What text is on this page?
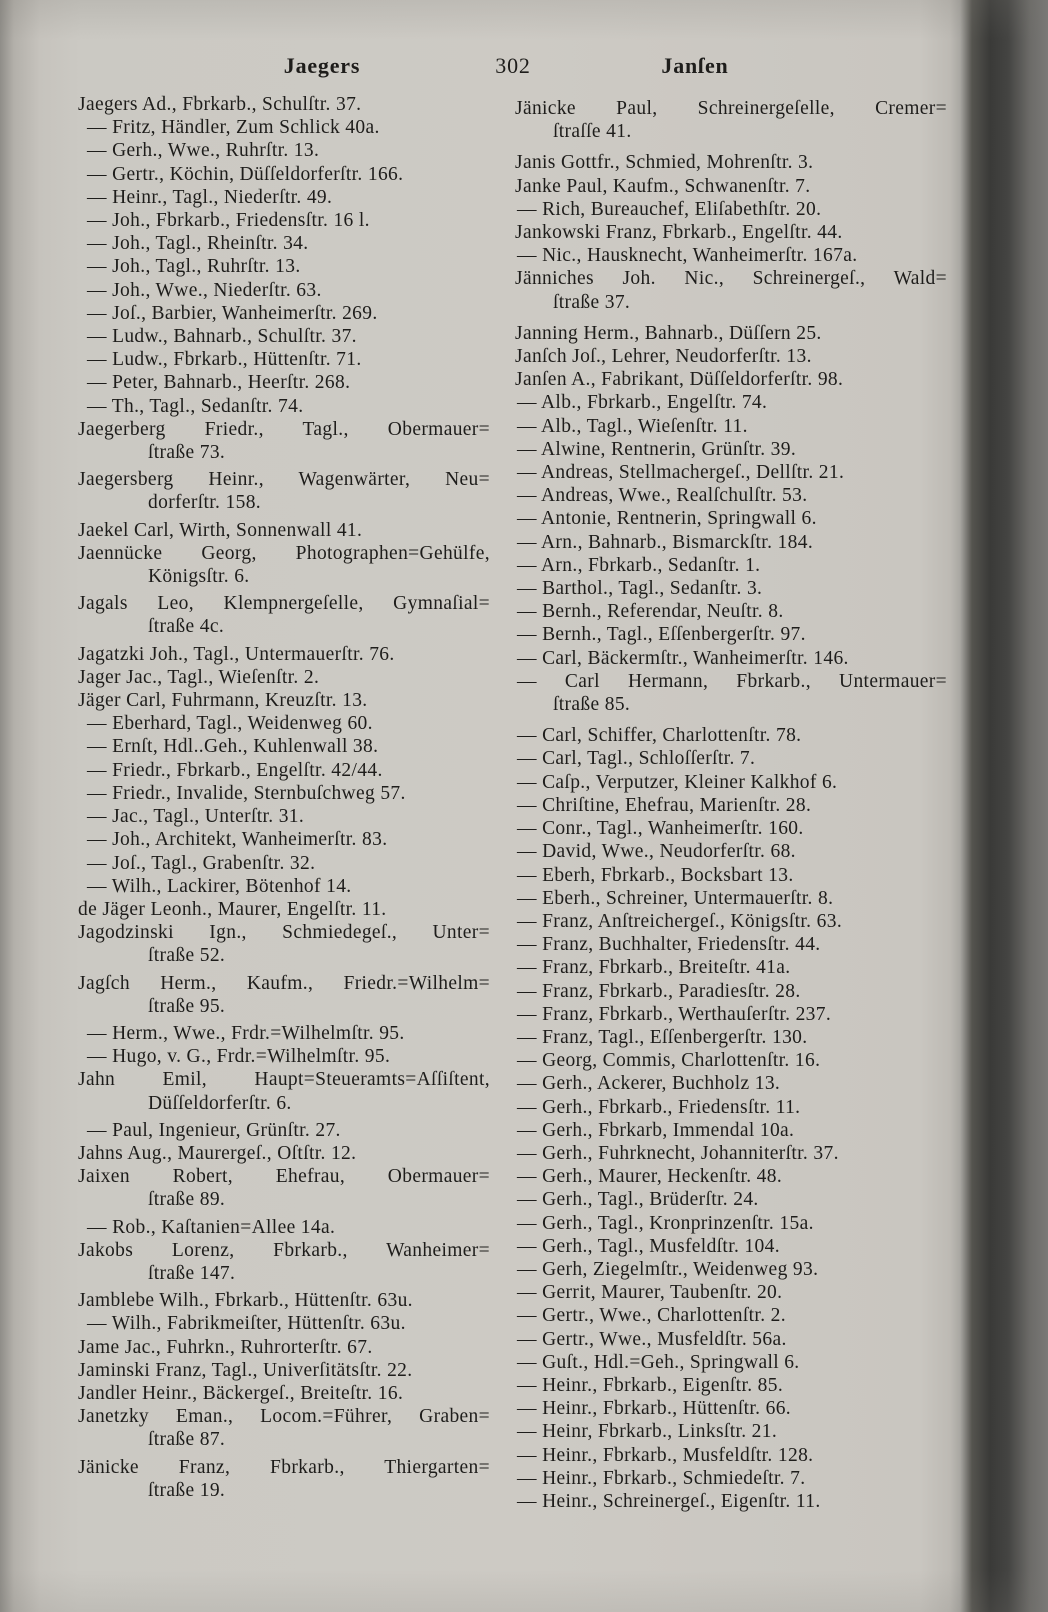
Jaegers	302	Janſen
Jaegers Ad., Fbrkarb., Schulſtr. 37.
— Fritz, Händler, Zum Schlick 40a.
— Gerh., Wwe., Ruhrſtr. 13.
— Gertr., Köchin, Düſſeldorferſtr. 166.
— Heinr., Tagl., Niederſtr. 49.
— Joh., Fbrkarb., Friedensſtr. 16 l.
— Joh., Tagl., Rheinſtr. 34.
— Joh., Tagl., Ruhrſtr. 13.
— Joh., Wwe., Niederſtr. 63.
— Joſ., Barbier, Wanheimerſtr. 269.
— Ludw., Bahnarb., Schulſtr. 37.
— Ludw., Fbrkarb., Hüttenſtr. 71.
— Peter, Bahnarb., Heerſtr. 268.
— Th., Tagl., Sedanſtr. 74.
Jaegerberg Friedr., Tagl., Obermauer=
ſtraße 73.
Jaegersberg Heinr., Wagenwärter, Neu=
dorferſtr. 158.
Jaekel Carl, Wirth, Sonnenwall 41.
Jaennücke Georg, Photographen=Gehülfe,
Königsſtr. 6.
Jagals Leo, Klempnergeſelle, Gymnaſial=
ſtraße 4c.
Jagatzki Joh., Tagl., Untermauerſtr. 76.
Jager Jac., Tagl., Wieſenſtr. 2.
Jäger Carl, Fuhrmann, Kreuzſtr. 13.
— Eberhard, Tagl., Weidenweg 60.
— Ernſt, Hdl..Geh., Kuhlenwall 38.
— Friedr., Fbrkarb., Engelſtr. 42/44.
— Friedr., Invalide, Sternbuſchweg 57.
— Jac., Tagl., Unterſtr. 31.
— Joh., Architekt, Wanheimerſtr. 83.
— Joſ., Tagl., Grabenſtr. 32.
— Wilh., Lackirer, Bötenhof 14.
de Jäger Leonh., Maurer, Engelſtr. 11.
Jagodzinski Ign., Schmiedegeſ., Unter=
ſtraße 52.
Jagſch Herm., Kaufm., Friedr.=Wilhelm=
ſtraße 95.
— Herm., Wwe., Frdr.=Wilhelmſtr. 95.
— Hugo, v. G., Frdr.=Wilhelmſtr. 95.
Jahn Emil, Haupt=Steueramts=Aſſiſtent,
Düſſeldorferſtr. 6.
— Paul, Ingenieur, Grünſtr. 27.
Jahns Aug., Maurergeſ., Oſtſtr. 12.
Jaixen Robert, Ehefrau, Obermauer=
ſtraße 89.
— Rob., Kaſtanien=Allee 14a.
Jakobs Lorenz, Fbrkarb., Wanheimer=
ſtraße 147.
Jamblebe Wilh., Fbrkarb., Hüttenſtr. 63u.
— Wilh., Fabrikmeiſter, Hüttenſtr. 63u.
Jame Jac., Fuhrkn., Ruhrorterſtr. 67.
Jaminski Franz, Tagl., Univerſitätsſtr. 22.
Jandler Heinr., Bäckergeſ., Breiteſtr. 16.
Janetzky Eman., Locom.=Führer, Graben=
ſtraße 87.
Jänicke Franz, Fbrkarb., Thiergarten=
ſtraße 19.
Jänicke Paul, Schreinergeſelle, Cremer=
ſtraſſe 41.
Janis Gottfr., Schmied, Mohrenſtr. 3.
Janke Paul, Kaufm., Schwanenſtr. 7.
— Rich, Bureauchef, Eliſabethſtr. 20.
Jankowski Franz, Fbrkarb., Engelſtr. 44.
— Nic., Hausknecht, Wanheimerſtr. 167a.
Jänniches Joh. Nic., Schreinergeſ., Wald=
ſtraße 37.
Janning Herm., Bahnarb., Düſſern 25.
Janſch Joſ., Lehrer, Neudorferſtr. 13.
Janſen A., Fabrikant, Düſſeldorferſtr. 98.
— Alb., Fbrkarb., Engelſtr. 74.
— Alb., Tagl., Wieſenſtr. 11.
— Alwine, Rentnerin, Grünſtr. 39.
— Andreas, Stellmachergeſ., Dellſtr. 21.
— Andreas, Wwe., Realſchulſtr. 53.
— Antonie, Rentnerin, Springwall 6.
— Arn., Bahnarb., Bismarckſtr. 184.
— Arn., Fbrkarb., Sedanſtr. 1.
— Barthol., Tagl., Sedanſtr. 3.
— Bernh., Referendar, Neuſtr. 8.
— Bernh., Tagl., Eſſenbergerſtr. 97.
— Carl, Bäckermſtr., Wanheimerſtr. 146.
— Carl Hermann, Fbrkarb., Untermauer=
ſtraße 85.
— Carl, Schiffer, Charlottenſtr. 78.
— Carl, Tagl., Schloſſerſtr. 7.
— Caſp., Verputzer, Kleiner Kalkhof 6.
— Chriſtine, Ehefrau, Marienſtr. 28.
— Conr., Tagl., Wanheimerſtr. 160.
— David, Wwe., Neudorferſtr. 68.
— Eberh, Fbrkarb., Bocksbart 13.
— Eberh., Schreiner, Untermauerſtr. 8.
— Franz, Anſtreichergeſ., Königsſtr. 63.
— Franz, Buchhalter, Friedensſtr. 44.
— Franz, Fbrkarb., Breiteſtr. 41a.
— Franz, Fbrkarb., Paradiesſtr. 28.
— Franz, Fbrkarb., Werthauſerſtr. 237.
— Franz, Tagl., Eſſenbergerſtr. 130.
— Georg, Commis, Charlottenſtr. 16.
— Gerh., Ackerer, Buchholz 13.
— Gerh., Fbrkarb., Friedensſtr. 11.
— Gerh., Fbrkarb, Immendal 10a.
— Gerh., Fuhrknecht, Johanniterſtr. 37.
— Gerh., Maurer, Heckenſtr. 48.
— Gerh., Tagl., Brüderſtr. 24.
— Gerh., Tagl., Kronprinzenſtr. 15a.
— Gerh., Tagl., Musfeldſtr. 104.
— Gerh, Ziegelmſtr., Weidenweg 93.
— Gerrit, Maurer, Taubenſtr. 20.
— Gertr., Wwe., Charlottenſtr. 2.
— Gertr., Wwe., Musfeldſtr. 56a.
— Guſt., Hdl.=Geh., Springwall 6.
— Heinr., Fbrkarb., Eigenſtr. 85.
— Heinr., Fbrkarb., Hüttenſtr. 66.
— Heinr, Fbrkarb., Linksſtr. 21.
— Heinr., Fbrkarb., Musfeldſtr. 128.
— Heinr., Fbrkarb., Schmiedeſtr. 7.
— Heinr., Schreinergeſ., Eigenſtr. 11.
